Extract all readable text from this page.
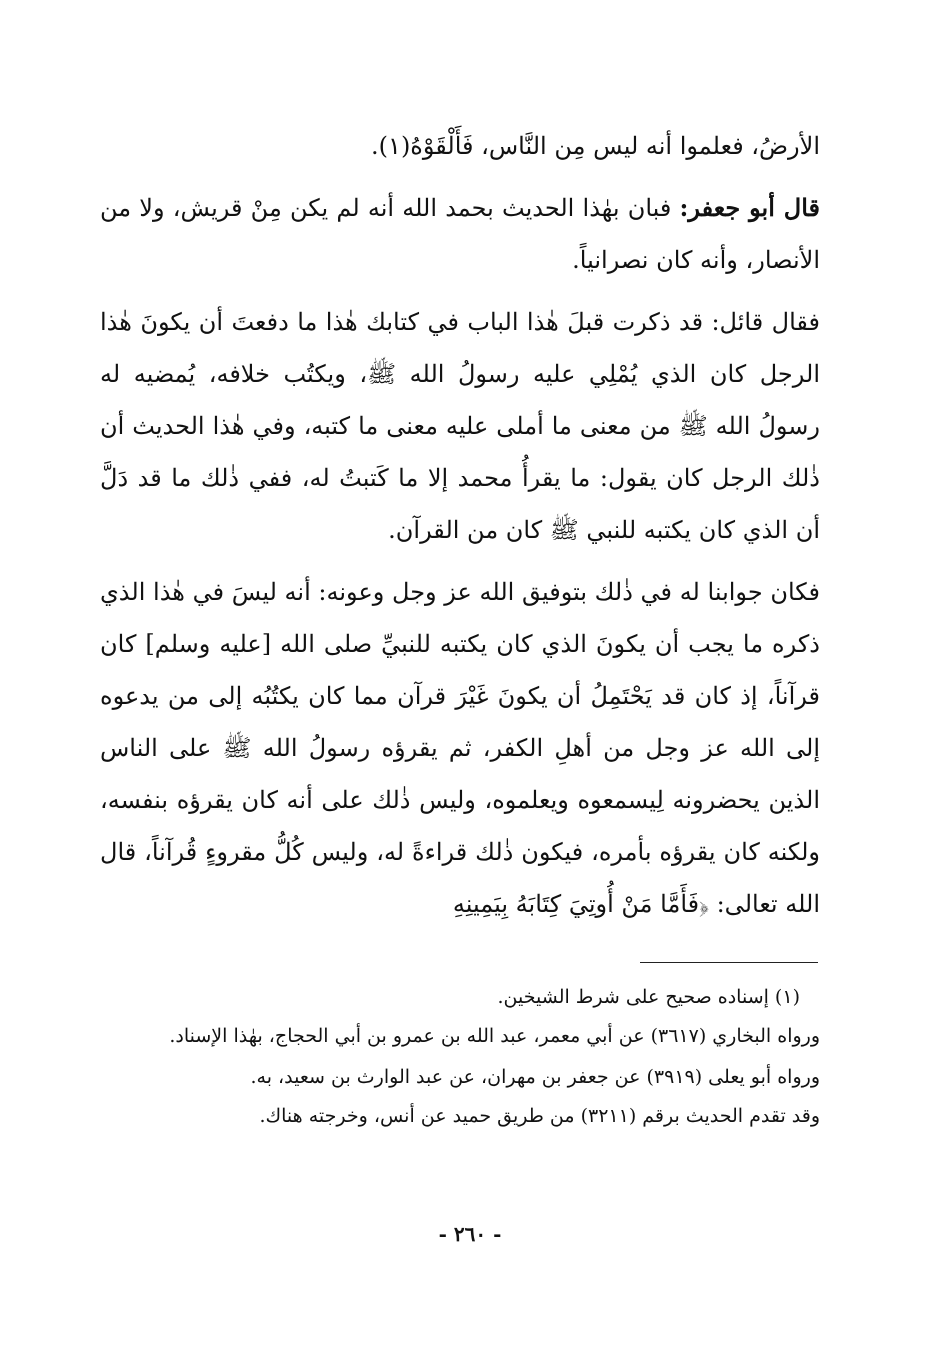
الأرضُ، فعلموا أنه ليس مِن النَّاس، فَأَلْقَوْهُ(١).

قال أبو جعفر: فبان بهٰذا الحديث بحمد الله أنه لم يكن مِنْ قريش، ولا من الأنصار، وأنه كان نصرانياً.

فقال قائل: قد ذكرت قبلَ هٰذا الباب في كتابك هٰذا ما دفعتَ أن يكونَ هٰذا الرجل كان الذي يُمْلِي عليه رسولُ الله ﷺ، ويكتُب خلافه، يُمضيه له رسولُ الله ﷺ من معنى ما أملى عليه معنى ما كتبه، وفي هٰذا الحديث أن ذٰلك الرجل كان يقول: ما يقرأُ محمد إلا ما كَتبتُ له، ففي ذٰلك ما قد دَلَّ أن الذي كان يكتبه للنبي ﷺ كان من القرآن.

فكان جوابنا له في ذٰلك بتوفيق الله عز وجل وعونه: أنه ليسَ في هٰذا الذي ذكره ما يجب أن يكونَ الذي كان يكتبه للنبيِّ صلى الله [عليه وسلم] كان قرآناً، إذ كان قد يَحْتَمِلُ أن يكونَ غَيْرَ قرآن مما كان يكتُبُه إلى من يدعوه إلى الله عز وجل من أهلِ الكفر، ثم يقرؤه رسولُ الله ﷺ على الناس الذين يحضرونه لِيسمعوه ويعلموه، وليس ذٰلك على أنه كان يقرؤه بنفسه، ولكنه كان يقرؤه بأمره، فيكون ذٰلك قراءةً له، وليس كُلُّ مقروءٍ قُرآناً، قال الله تعالى: ﴿فَأَمَّا مَنْ أُوتِيَ كِتَابَهُ بِيَمِينِهِ

(١) إسناده صحيح على شرط الشيخين.

ورواه البخاري (٣٦١٧) عن أبي معمر، عبد الله بن عمرو بن أبي الحجاج، بهٰذا الإسناد.

ورواه أبو يعلى (٣٩١٩) عن جعفر بن مهران، عن عبد الوارث بن سعيد، به.

وقد تقدم الحديث برقم (٣٢١١) من طريق حميد عن أنس، وخرجته هناك.

- ٢٦٠ -
